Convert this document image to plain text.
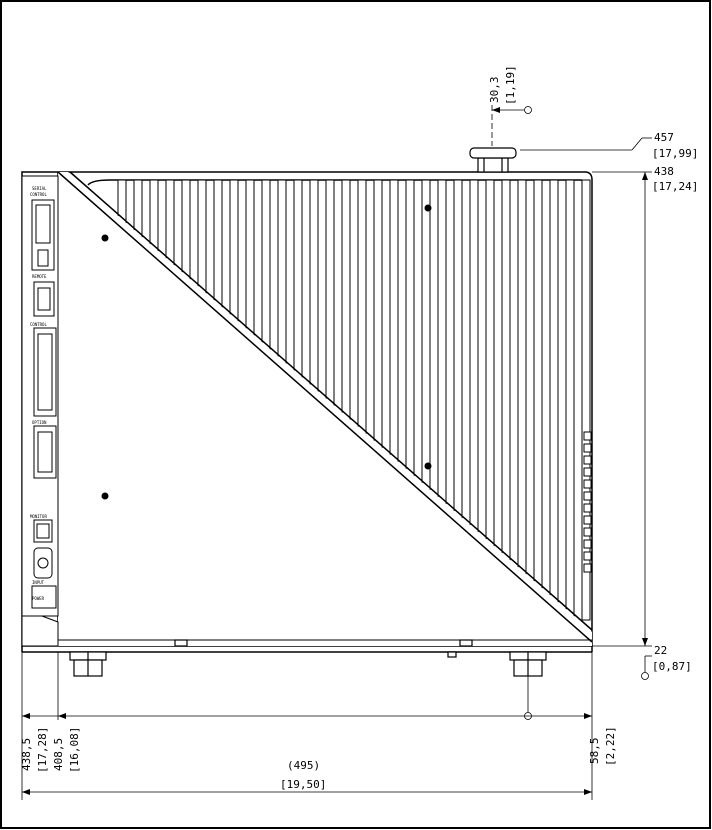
SERIAL
CONTROL
REMOTE
CONTROL
OPTION
MONITOR
INPUT
POWER
30,3 [1,19]
457
[17,99]
438
[17,24]
22
[0,87]
438,5 [17,28] 408,5 [16,08]	58,5 [2,22]
(495)
[19,50]
